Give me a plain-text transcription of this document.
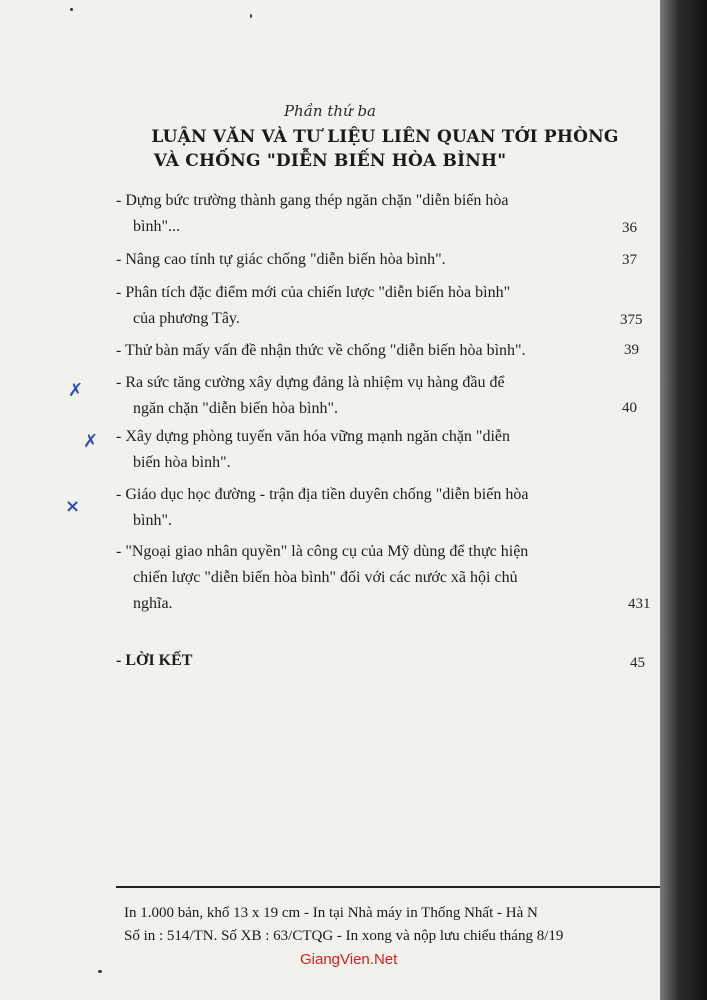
Phần thứ ba
LUẬN VĂN VÀ TƯ LIỆU LIÊN QUAN TỚI PHÒNG
VÀ CHỐNG "DIỄN BIẾN HÒA BÌNH"
- Dựng bức trường thành gang thép ngăn chặn "diễn biến hòa
bình"...	36
- Nâng cao tính tự giác chống "diễn biến hòa bình".	37
- Phân tích đặc điểm mới của chiến lược "diễn biến hòa bình"
của phương Tây.	375
- Thử bàn mấy vấn đề nhận thức về chống "diễn biến hòa bình".	39
✗ - Ra sức tăng cường xây dựng đảng là nhiệm vụ hàng đầu để
ngăn chặn "diễn biến hòa bình".	40
✗ - Xây dựng phòng tuyến văn hóa vững mạnh ngăn chặn "diễn
biến hòa bình".
×
- Giáo dục học đường - trận địa tiền duyên chống "diễn biến hòa
bình".
- "Ngoại giao nhân quyền" là công cụ của Mỹ dùng để thực hiện
chiến lược "diễn biến hòa bình" đối với các nước xã hội chủ
nghĩa.	431
- LỜI KẾT	45
In 1.000 bản, khổ 13 x 19 cm - In tại Nhà máy in Thống Nhất - Hà N
Số in : 514/TN. Số XB : 63/CTQG - In xong và nộp lưu chiểu tháng 8/19
GiangVien.Net
